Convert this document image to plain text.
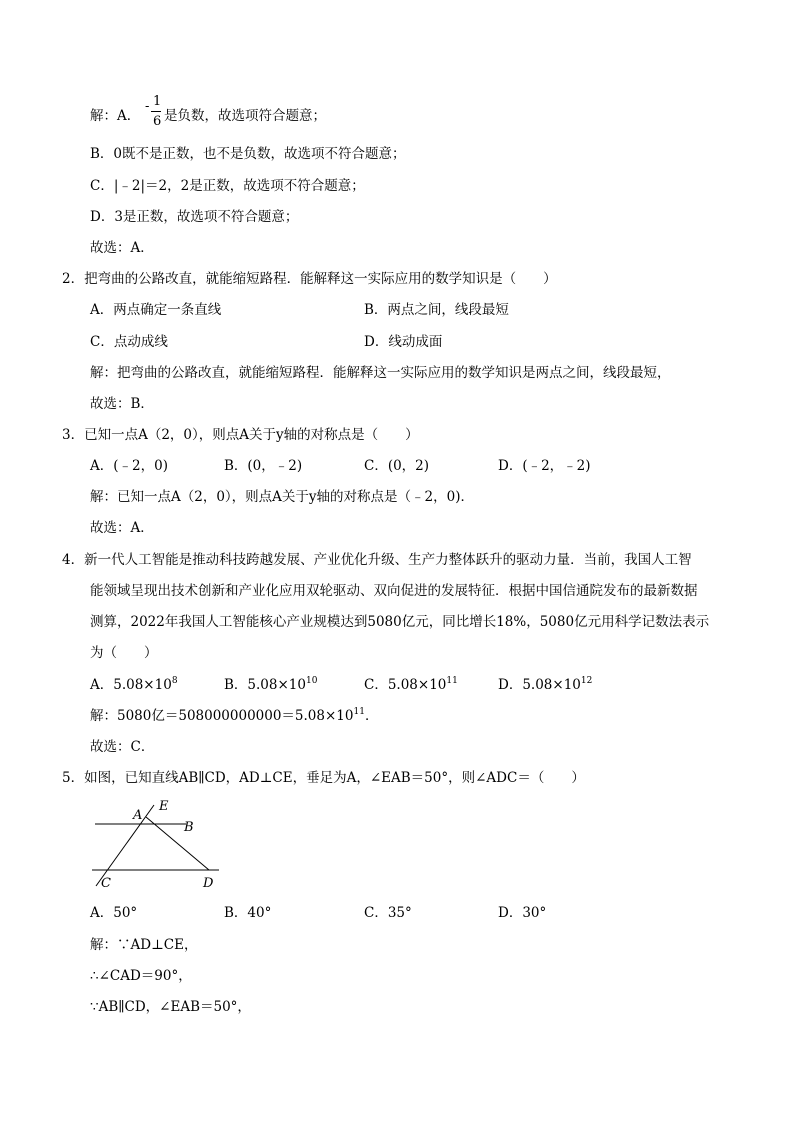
解：A．
- 1
6 是负数，故选项符合题意；
B．0既不是正数，也不是负数，故选项不符合题意；
C．|﹣2|＝2，2是正数，故选项不符合题意；
D．3是正数，故选项不符合题意；
故选：A．
2．把弯曲的公路改直，就能缩短路程．能解释这一实际应用的数学知识是（　　）
A．两点确定一条直线	B．两点之间，线段最短
C．点动成线	D．线动成面
解：把弯曲的公路改直，就能缩短路程．能解释这一实际应用的数学知识是两点之间，线段最短，
故选：B．
3．已知一点A（2，0），则点A关于y轴的对称点是（　　）
A．(﹣2，0)	B．(0，﹣2)	C．(0，2)	D．(﹣2，﹣2)
解：已知一点A（2，0），则点A关于y轴的对称点是（﹣2，0)．
故选：A．
4．新一代人工智能是推动科技跨越发展、产业优化升级、生产力整体跃升的驱动力量．当前，我国人工智
能领域呈现出技术创新和产业化应用双轮驱动、双向促进的发展特征．根据中国信通院发布的最新数据
测算，2022年我国人工智能核心产业规模达到5080亿元，同比增长18%，5080亿元用科学记数法表示
为（　　）
A．$5.08\times 10^8$	B．$5.08\times 10^{10}$	C．$5.08\times 10^{11}$	D．$5.08\times 10^{12}$
解：5080亿$=508000000000=5.08\times 10^{11}$．
故选：C．
5．如图，已知直线AB∥CD，AD⊥CE，垂足为A，∠EAB＝50°，则∠ADC＝（　　）
A
E
B
C	D
A．50°	B．40°	C．35°	D．30°
解：∵AD⊥CE，
∴∠CAD＝90°，
∵AB∥CD，∠EAB＝50°，
